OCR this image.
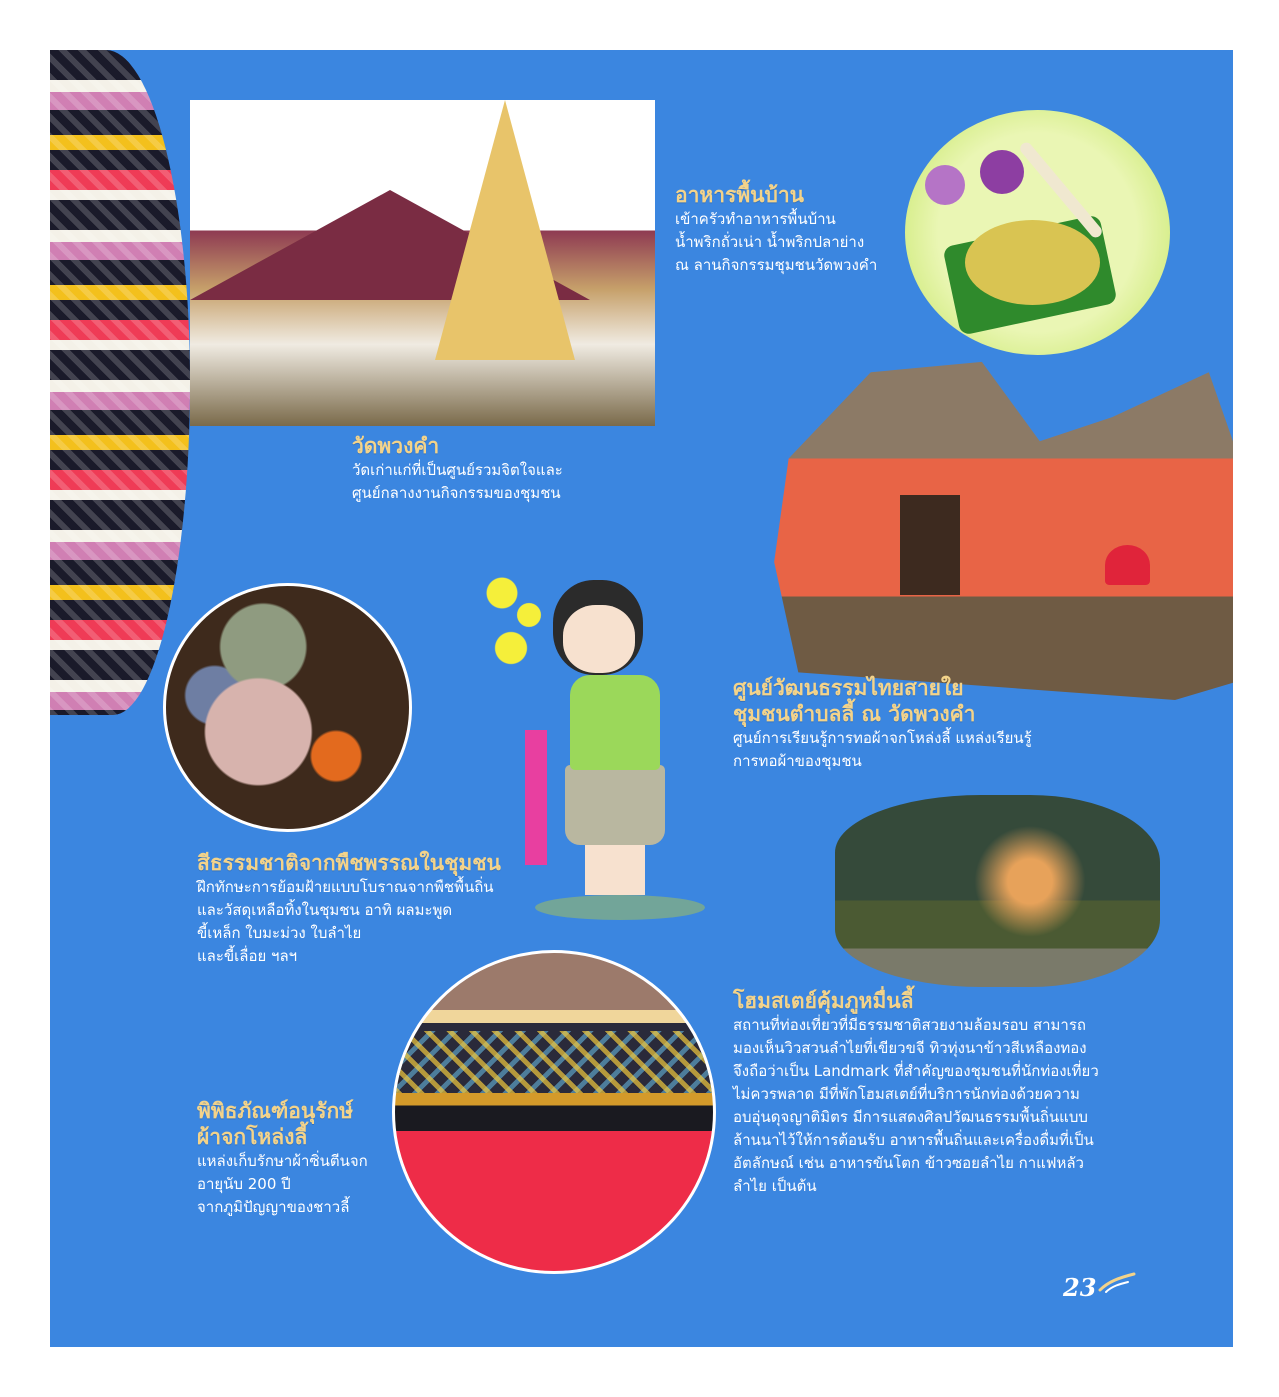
วัดพวงคำ

วัดเก่าแก่ที่เป็นศูนย์รวมจิตใจและ

ศูนย์กลางงานกิจกรรมของชุมชน

อาหารพื้นบ้าน

เข้าครัวทำอาหารพื้นบ้าน

น้ำพริกถั่วเน่า น้ำพริกปลาย่าง

ณ ลานกิจกรรมชุมชนวัดพวงคำ

ศูนย์วัฒนธรรมไทยสายใย
ชุมชนตำบลลี้ ณ วัดพวงคำ

ศูนย์การเรียนรู้การทอผ้าจกโหล่งลี้ แหล่งเรียนรู้

การทอผ้าของชุมชน

สีธรรมชาติจากพืชพรรณในชุมชน

ฝึกทักษะการย้อมฝ้ายแบบโบราณจากพืชพื้นถิ่น

และวัสดุเหลือทิ้งในชุมชน อาทิ ผลมะพูด

ขี้เหล็ก ใบมะม่วง ใบลำไย

และขี้เลื่อย ฯลฯ

โฮมสเตย์คุ้มภูหมื่นลี้

สถานที่ท่องเที่ยวที่มีธรรมชาติสวยงามล้อมรอบ สามารถ

มองเห็นวิวสวนลำไยที่เขียวขจี ทิวทุ่งนาข้าวสีเหลืองทอง

จึงถือว่าเป็น Landmark ที่สำคัญของชุมชนที่นักท่องเที่ยว

ไม่ควรพลาด มีที่พักโฮมสเตย์ที่บริการนักท่องด้วยความ

อบอุ่นดุจญาติมิตร มีการแสดงศิลปวัฒนธรรมพื้นถิ่นแบบ

ล้านนาไว้ให้การต้อนรับ อาหารพื้นถิ่นและเครื่องดื่มที่เป็น

อัตลักษณ์ เช่น อาหารขันโตก ข้าวซอยลำไย กาแฟหลัว

ลำไย เป็นต้น

พิพิธภัณฑ์อนุรักษ์
ผ้าจกโหล่งลี้

แหล่งเก็บรักษาผ้าซิ่นตีนจก

อายุนับ 200 ปี

จากภูมิปัญญาของชาวลี้

23
